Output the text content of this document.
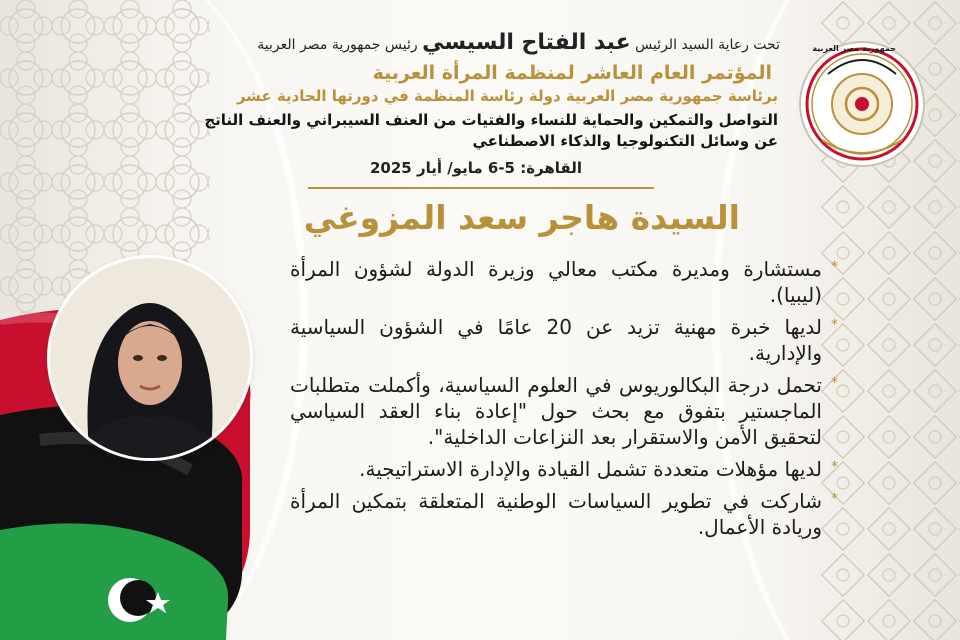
جمهورية مصر العربية
تحت رعاية السيد الرئيس عبد الفتاح السيسي رئيس جمهورية مصر العربية
المؤتمر العام العاشر لمنظمة المرأة العربية
برئاسة جمهورية مصر العربية دولة رئاسة المنظمة في دورتها الحادية عشر
التواصل والتمكين والحماية للنساء والفتيات من العنف السيبراني والعنف الناتج عن وسائل التكنولوجيا والذكاء الاصطناعي
القاهرة: 5-6 مايو/ أيار 2025
السيدة هاجر سعد المزوغي
*
مستشارة ومديرة مكتب معالي وزيرة الدولة لشؤون المرأة (ليبيا).
*
لديها خبرة مهنية تزيد عن 20 عامًا في الشؤون السياسية والإدارية.
*
تحمل درجة البكالوريوس في العلوم السياسية، وأكملت متطلبات الماجستير بتفوق مع بحث حول "إعادة بناء العقد السياسي لتحقيق الأمن والاستقرار بعد النزاعات الداخلية".
*
لديها مؤهلات متعددة تشمل القيادة والإدارة الاستراتيجية.
*
شاركت في تطوير السياسات الوطنية المتعلقة بتمكين المرأة وريادة الأعمال.
